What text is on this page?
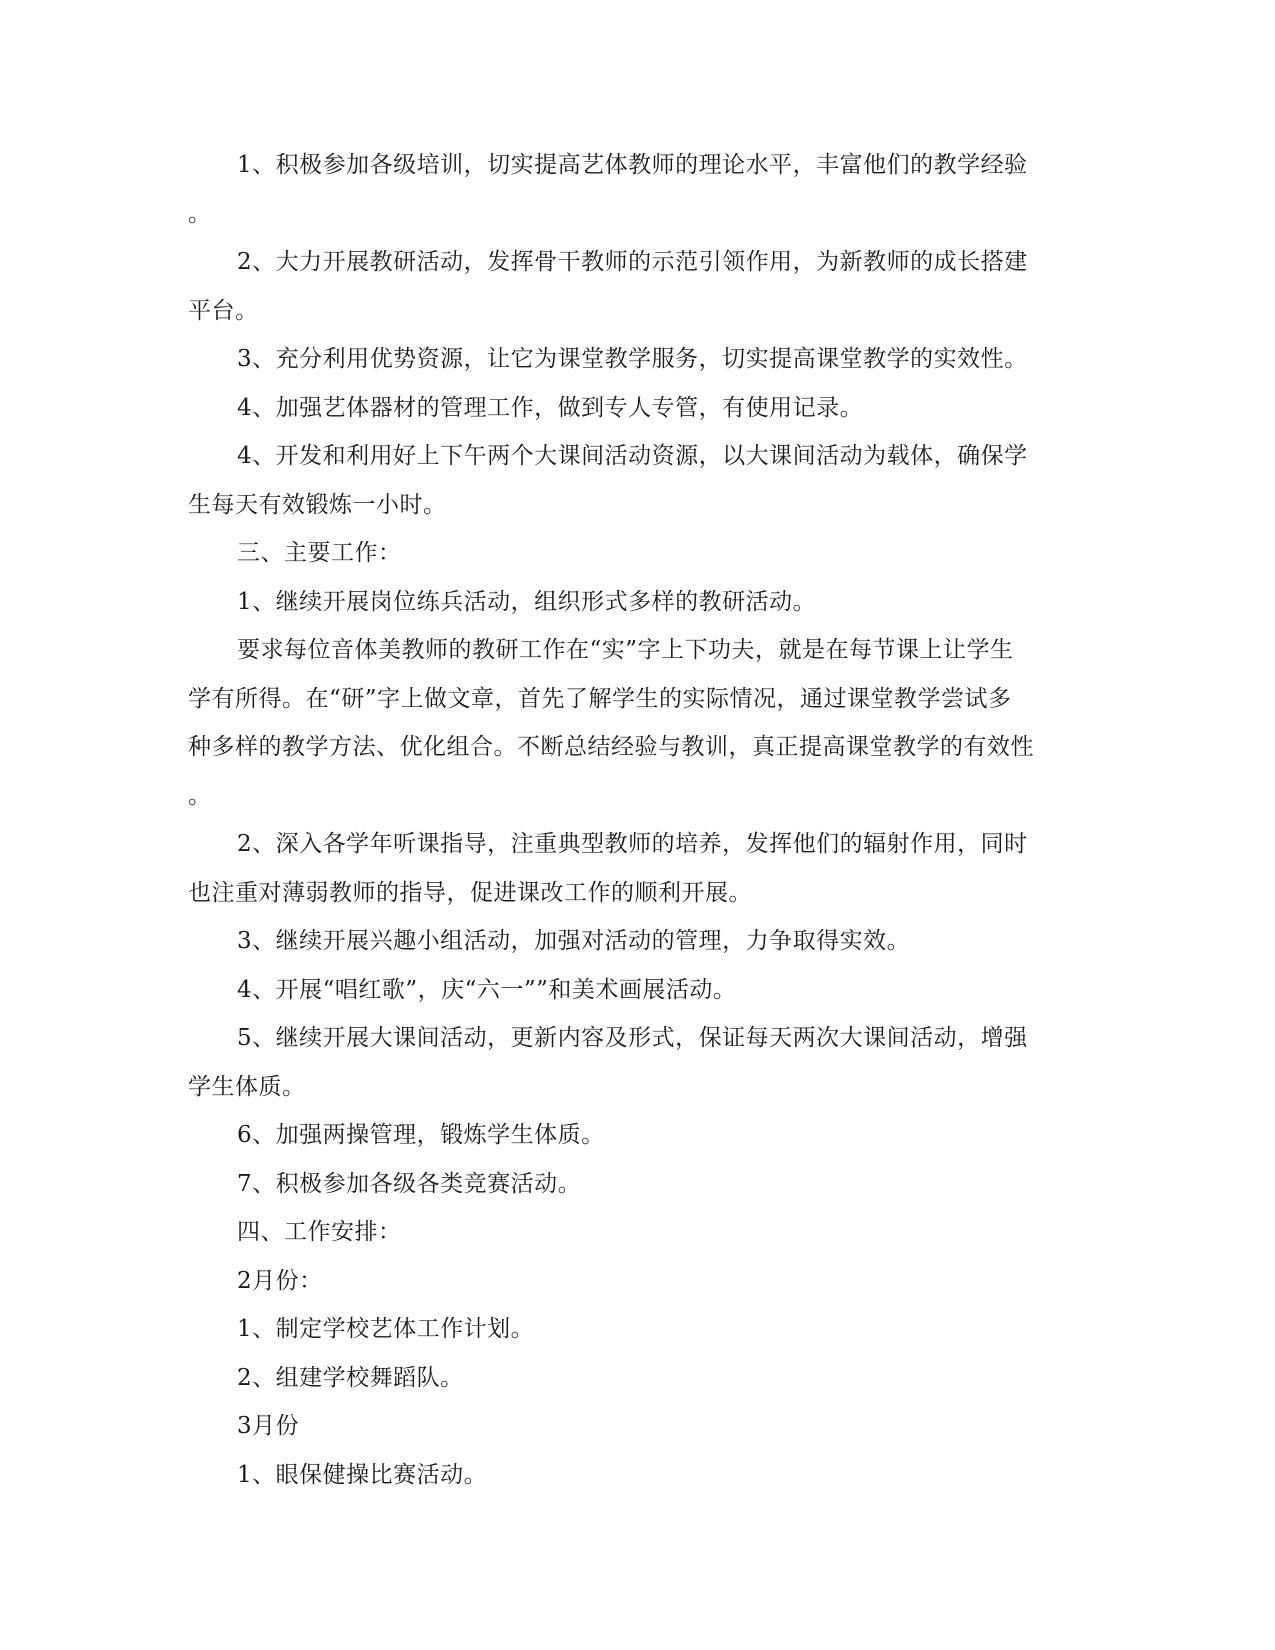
1、积极参加各级培训，切实提高艺体教师的理论水平，丰富他们的教学经验

。

2、大力开展教研活动，发挥骨干教师的示范引领作用，为新教师的成长搭建

平台。

3、充分利用优势资源，让它为课堂教学服务，切实提高课堂教学的实效性。

4、加强艺体器材的管理工作，做到专人专管，有使用记录。

4、开发和利用好上下午两个大课间活动资源，以大课间活动为载体，确保学

生每天有效锻炼一小时。

三、主要工作：

1、继续开展岗位练兵活动，组织形式多样的教研活动。

要求每位音体美教师的教研工作在“实”字上下功夫，就是在每节课上让学生

学有所得。在“研”字上做文章，首先了解学生的实际情况，通过课堂教学尝试多

种多样的教学方法、优化组合。不断总结经验与教训，真正提高课堂教学的有效性

。

2、深入各学年听课指导，注重典型教师的培养，发挥他们的辐射作用，同时

也注重对薄弱教师的指导，促进课改工作的顺利开展。

3、继续开展兴趣小组活动，加强对活动的管理，力争取得实效。

4、开展“唱红歌”，庆“六一””和美术画展活动。

5、继续开展大课间活动，更新内容及形式，保证每天两次大课间活动，增强

学生体质。

6、加强两操管理，锻炼学生体质。

7、积极参加各级各类竞赛活动。

四、工作安排：

2月份：

1、制定学校艺体工作计划。

2、组建学校舞蹈队。

3月份

1、眼保健操比赛活动。
